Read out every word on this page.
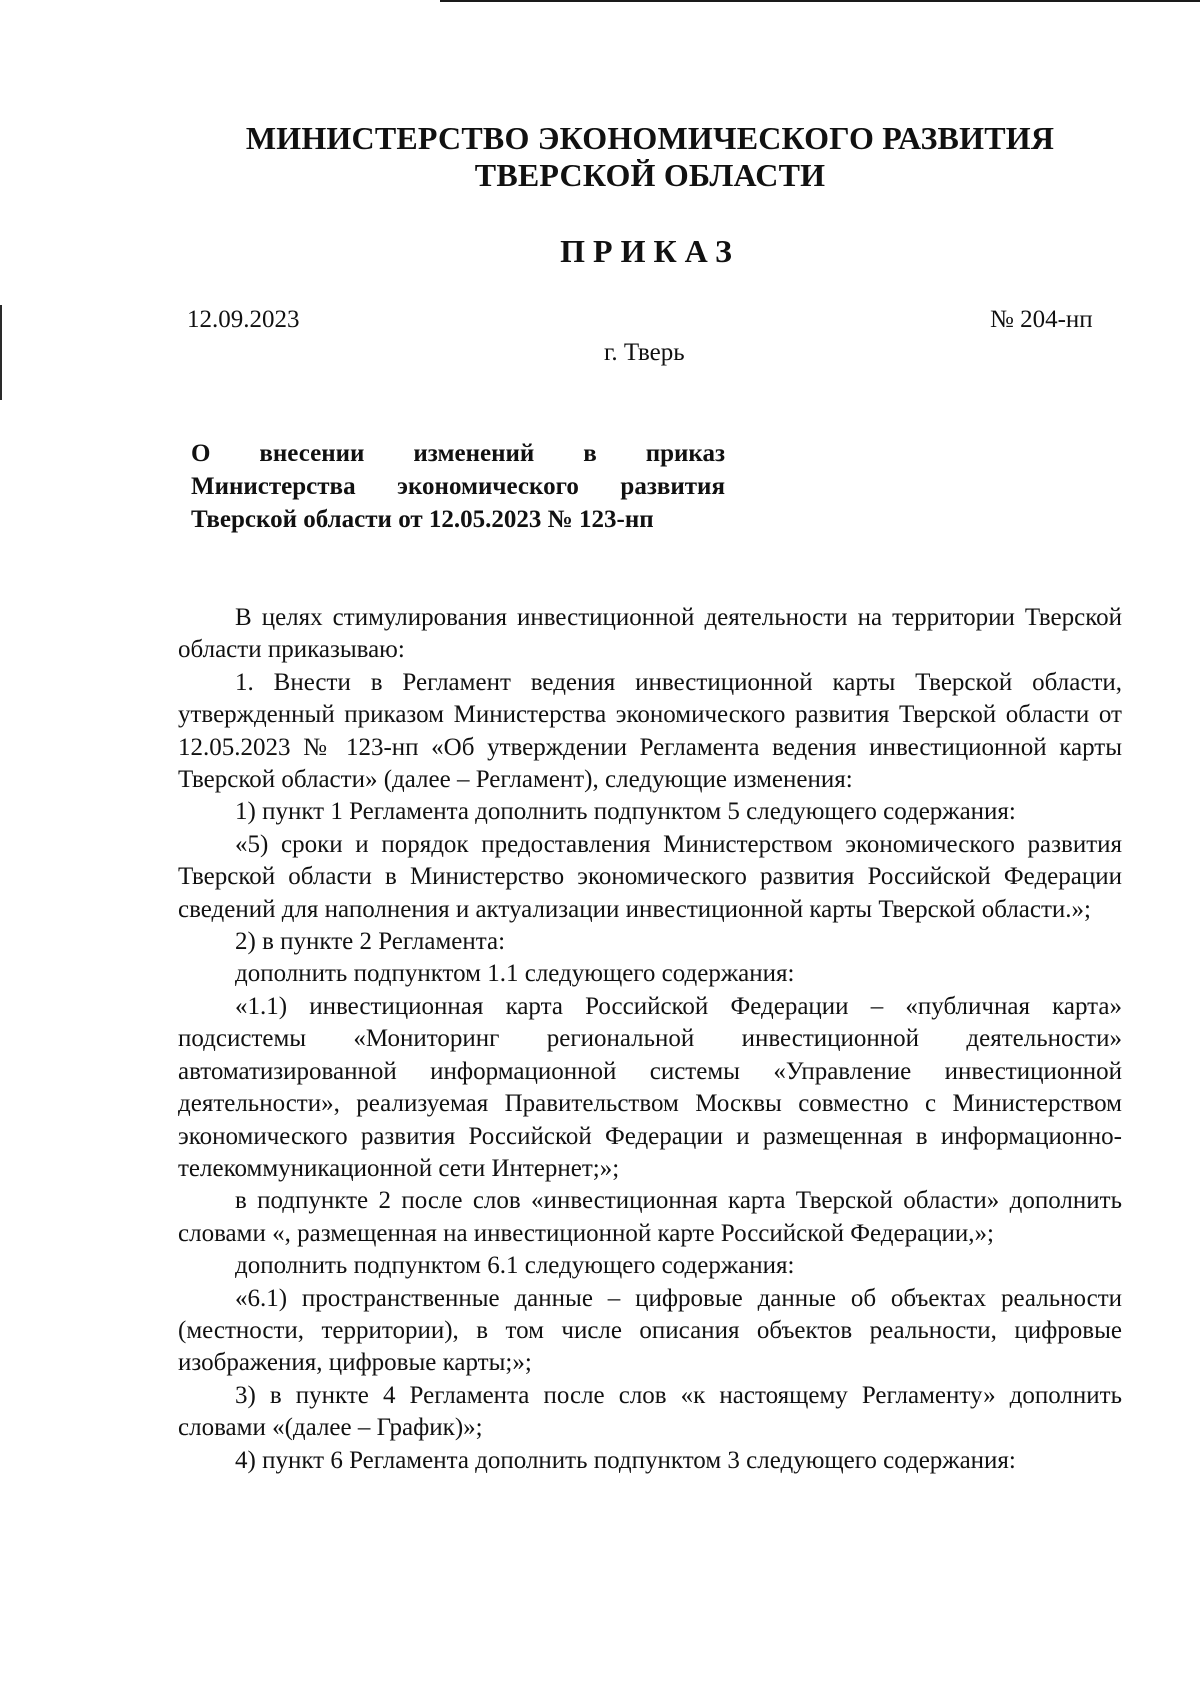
МИНИСТЕРСТВО ЭКОНОМИЧЕСКОГО РАЗВИТИЯ
ТВЕРСКОЙ ОБЛАСТИ
ПРИКАЗ
12.09.2023	№ 204-нп
г. Тверь
О внесении изменений в приказ
Министерства экономического развития
Тверской области от 12.05.2023 № 123-нп

В целях стимулирования инвестиционной деятельности на территории Тверской области приказываю:

1. Внести в Регламент ведения инвестиционной карты Тверской области, утвержденный приказом Министерства экономического развития Тверской области от 12.05.2023 № 123-нп «Об утверждении Регламента ведения инвестиционной карты Тверской области» (далее – Регламент), следующие изменения:

1) пункт 1 Регламента дополнить подпунктом 5 следующего содержания:

«5) сроки и порядок предоставления Министерством экономического развития Тверской области в Министерство экономического развития Российской Федерации сведений для наполнения и актуализации инвестиционной карты Тверской области.»;

2) в пункте 2 Регламента:

дополнить подпунктом 1.1 следующего содержания:

«1.1) инвестиционная карта Российской Федерации – «публичная карта» подсистемы «Мониторинг региональной инвестиционной деятельности» автоматизированной информационной системы «Управление инвестиционной деятельности», реализуемая Правительством Москвы совместно с Министерством экономического развития Российской Федерации и размещенная в информационно-телекоммуникационной сети Интернет;»;

в подпункте 2 после слов «инвестиционная карта Тверской области» дополнить словами «, размещенная на инвестиционной карте Российской Федерации,»;

дополнить подпунктом 6.1 следующего содержания:

«6.1) пространственные данные – цифровые данные об объектах реальности (местности, территории), в том числе описания объектов реальности, цифровые изображения, цифровые карты;»;

3) в пункте 4 Регламента после слов «к настоящему Регламенту» дополнить словами «(далее – График)»;

4) пункт 6 Регламента дополнить подпунктом 3 следующего содержания:
